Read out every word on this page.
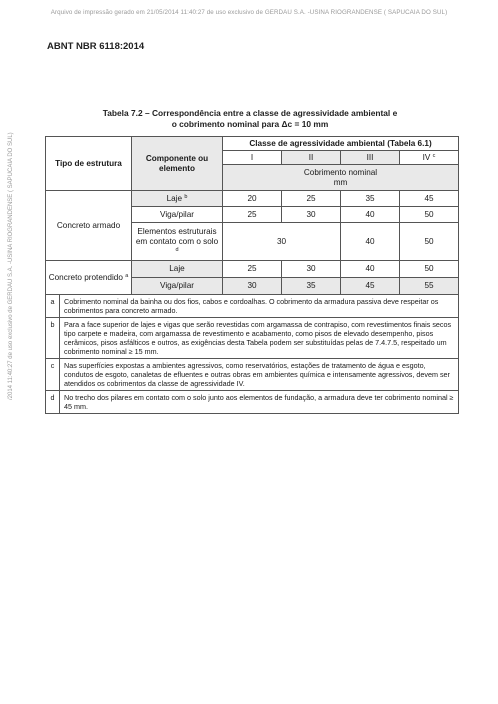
Arquivo de impressão gerado em 21/05/2014 11:40:27 de uso exclusivo de GERDAU S.A. -USINA RIOGRANDENSE ( SAPUCAIA DO SUL)
/2014 11:40:27 de uso exclusivo de GERDAU S.A. -USINA RIOGRANDENSE ( SAPUCAIA DO SUL)
ABNT NBR 6118:2014
Tabela 7.2 – Correspondência entre a classe de agressividade ambiental e
o cobrimento nominal para Δc = 10 mm
Tipo de estrutura	Componente ou elemento	Classe de agressividade ambiental (Tabela 6.1)			
		I	II	III	IV $^c$

		Cobrimento nominal
mm			

Concreto armado	Laje $^b$	20	25	35	45
	Viga/pilar	25	30	40	50
	Elementos estruturais em contato com o solo $^d$	30		40	50
Concreto protendido $^a$	Laje	25	30	40	50
	Viga/pilar	30	35	45	55
a	Cobrimento nominal da bainha ou dos fios, cabos e cordoalhas. O cobrimento da armadura passiva deve respeitar os cobrimentos para concreto armado.
b	Para a face superior de lajes e vigas que serão revestidas com argamassa de contrapiso, com revestimentos finais secos tipo carpete e madeira, com argamassa de revestimento e acabamento, como pisos de elevado desempenho, pisos cerâmicos, pisos asfálticos e outros, as exigências desta Tabela podem ser substituídas pelas de 7.4.7.5, respeitado um cobrimento nominal ≥ 15 mm.
c	Nas superfícies expostas a ambientes agressivos, como reservatórios, estações de tratamento de água e esgoto, condutos de esgoto, canaletas de efluentes e outras obras em ambientes química e intensamente agressivos, devem ser atendidos os cobrimentos da classe de agressividade IV.
d	No trecho dos pilares em contato com o solo junto aos elementos de fundação, a armadura deve ter cobrimento nominal ≥ 45 mm.
